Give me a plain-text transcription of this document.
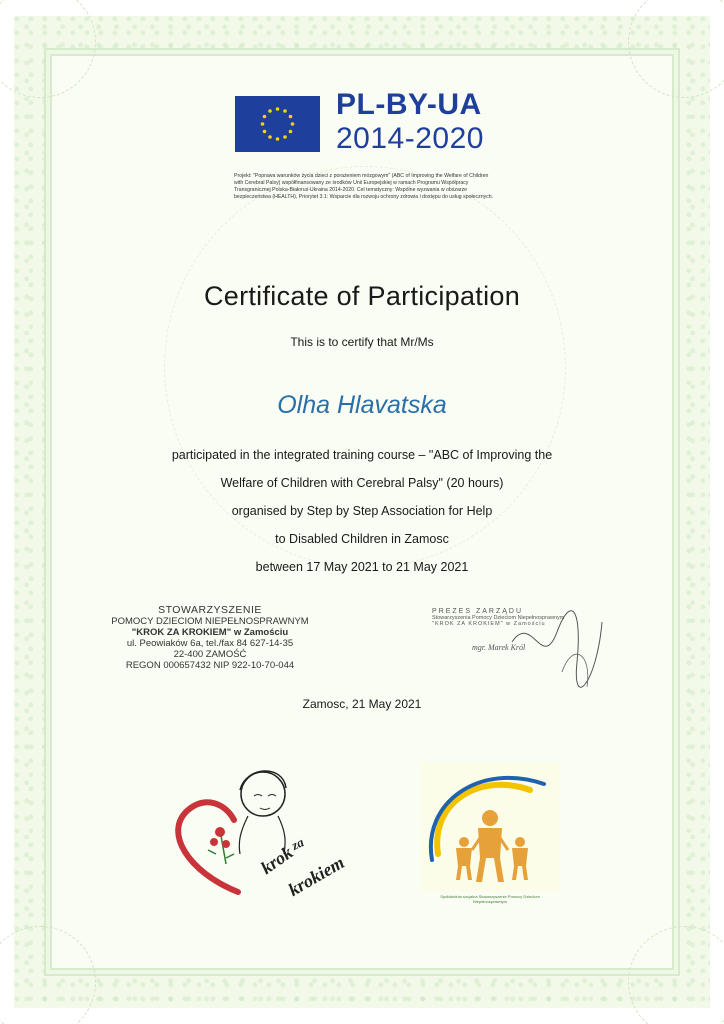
PL-BY-UA
2014-2020
Projekt: "Poprawa warunków życia dzieci z porażeniem mózgowym" (ABC of Improving the Welfare of Children with Cerebral Palsy) współfinansowany ze środków Unii Europejskiej w ramach Programu Współpracy Transgranicznej Polska-Białoruś-Ukraina 2014-2020. Cel tematyczny: Wspólne wyzwania w obszarze bezpieczeństwa (HEALTH), Priorytet 3.1: Wsparcie dla rozwoju ochrony zdrowia i dostępu do usług społecznych.
Certificate of Participation
This is to certify that Mr/Ms
Olha Hlavatska
participated in the integrated training course – "ABC of Improving the
Welfare of Children with Cerebral Palsy" (20 hours)
organised by Step by Step Association for Help
to Disabled Children in Zamosc
between 17 May 2021 to 21 May 2021
STOWARZYSZENIE
POMOCY DZIECIOM NIEPEŁNOSPRAWNYM
"KROK ZA KROKIEM" w Zamościu
ul. Peowiaków 6a, tel./fax 84 627-14-35
22-400 ZAMOŚĆ
REGON 000657432 NIP 922-10-70-044
PREZES ZARZĄDU
Stowarzyszenia Pomocy Dzieciom Niepełnosprawnym
"KROK ZA KROKIEM" w Zamościu
mgr. Marek Król
Zamosc, 21 May 2021
krok
za
krokiem	Spółdzielnia socjalna Stowarzyszenie Pomocy Dzieciom Niepełnosprawnym
